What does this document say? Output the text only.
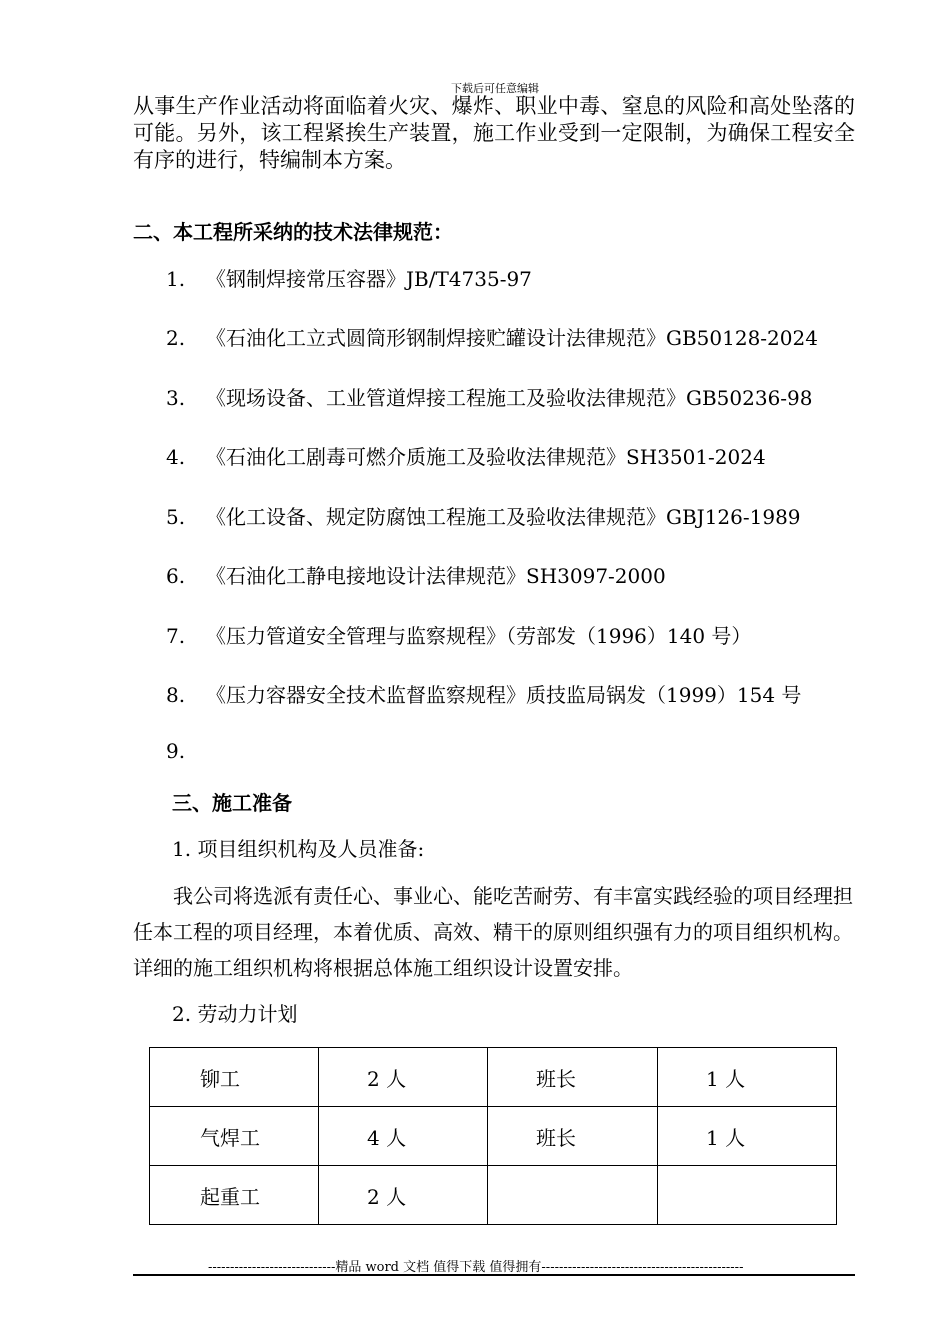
下载后可任意编辑
从事生产作业活动将面临着火灾、爆炸、职业中毒、窒息的风险和高处坠落的可能。另外，该工程紧挨生产装置，施工作业受到一定限制，为确保工程安全有序的进行，特编制本方案。
二、本工程所采纳的技术法律规范：
1. 《钢制焊接常压容器》JB/T4735-97
2. 《石油化工立式圆筒形钢制焊接贮罐设计法律规范》GB50128-2024
3. 《现场设备、工业管道焊接工程施工及验收法律规范》GB50236-98
4. 《石油化工剧毒可燃介质施工及验收法律规范》SH3501-2024
5. 《化工设备、规定防腐蚀工程施工及验收法律规范》GBJ126-1989
6. 《石油化工静电接地设计法律规范》SH3097-2000
7. 《压力管道安全管理与监察规程》（劳部发（1996）140 号）
8. 《压力容器安全技术监督监察规程》质技监局锅发（1999）154 号
9.
三、施工准备
1. 项目组织机构及人员准备:
我公司将选派有责任心、事业心、能吃苦耐劳、有丰富实践经验的项目经理担任本工程的项目经理，本着优质、高效、精干的原则组织强有力的项目组织机构。详细的施工组织机构将根据总体施工组织设计设置安排。
2. 劳动力计划
铆工	2 人	班长	1 人
气焊工	4 人	班长	1 人
起重工	2 人		
-----------------------------精品 word 文档 值得下载 值得拥有----------------------------------------------
